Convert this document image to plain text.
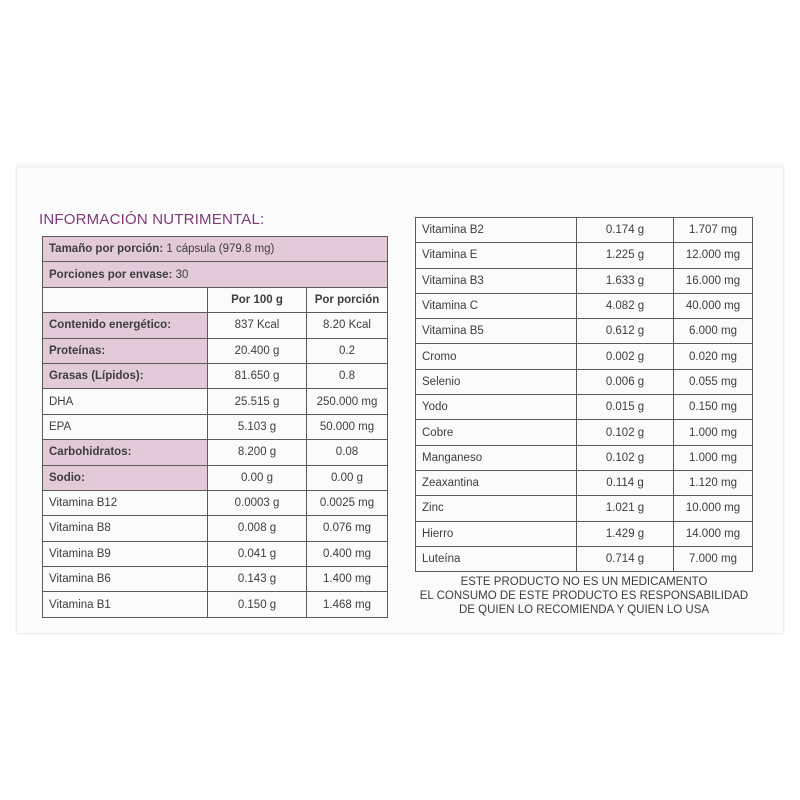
INFORMACIÓN NUTRIMENTAL:
Tamaño por porción: 1 cápsula (979.8 mg)		
Porciones por envase: 30		
	Por 100 g	Por porción
Contenido energético:	837 Kcal	8.20 Kcal
Proteínas:	20.400 g	0.2
Grasas (Lípidos):	81.650 g	0.8
DHA	25.515 g	250.000 mg
EPA	5.103 g	50.000 mg
Carbohidratos:	8.200 g	0.08
Sodio:	0.00 g	0.00 g
Vitamina B12	0.0003 g	0.0025 mg
Vitamina B8	0.008 g	0.076 mg
Vitamina B9	0.041 g	0.400 mg
Vitamina B6	0.143 g	1.400 mg
Vitamina B1	0.150 g	1.468 mg
Vitamina B2	0.174 g	1.707 mg
Vitamina E	1.225 g	12.000 mg
Vitamina B3	1.633 g	16.000 mg
Vitamina C	4.082 g	40.000 mg
Vitamina B5	0.612 g	6.000 mg
Cromo	0.002 g	0.020 mg
Selenio	0.006 g	0.055 mg
Yodo	0.015 g	0.150 mg
Cobre	0.102 g	1.000 mg
Manganeso	0.102 g	1.000 mg
Zeaxantina	0.114 g	1.120 mg
Zinc	1.021 g	10.000 mg
Hierro	1.429 g	14.000 mg
Luteína	0.714 g	7.000 mg
ESTE PRODUCTO NO ES UN MEDICAMENTO
EL CONSUMO DE ESTE PRODUCTO ES RESPONSABILIDAD
DE QUIEN LO RECOMIENDA Y QUIEN LO USA
